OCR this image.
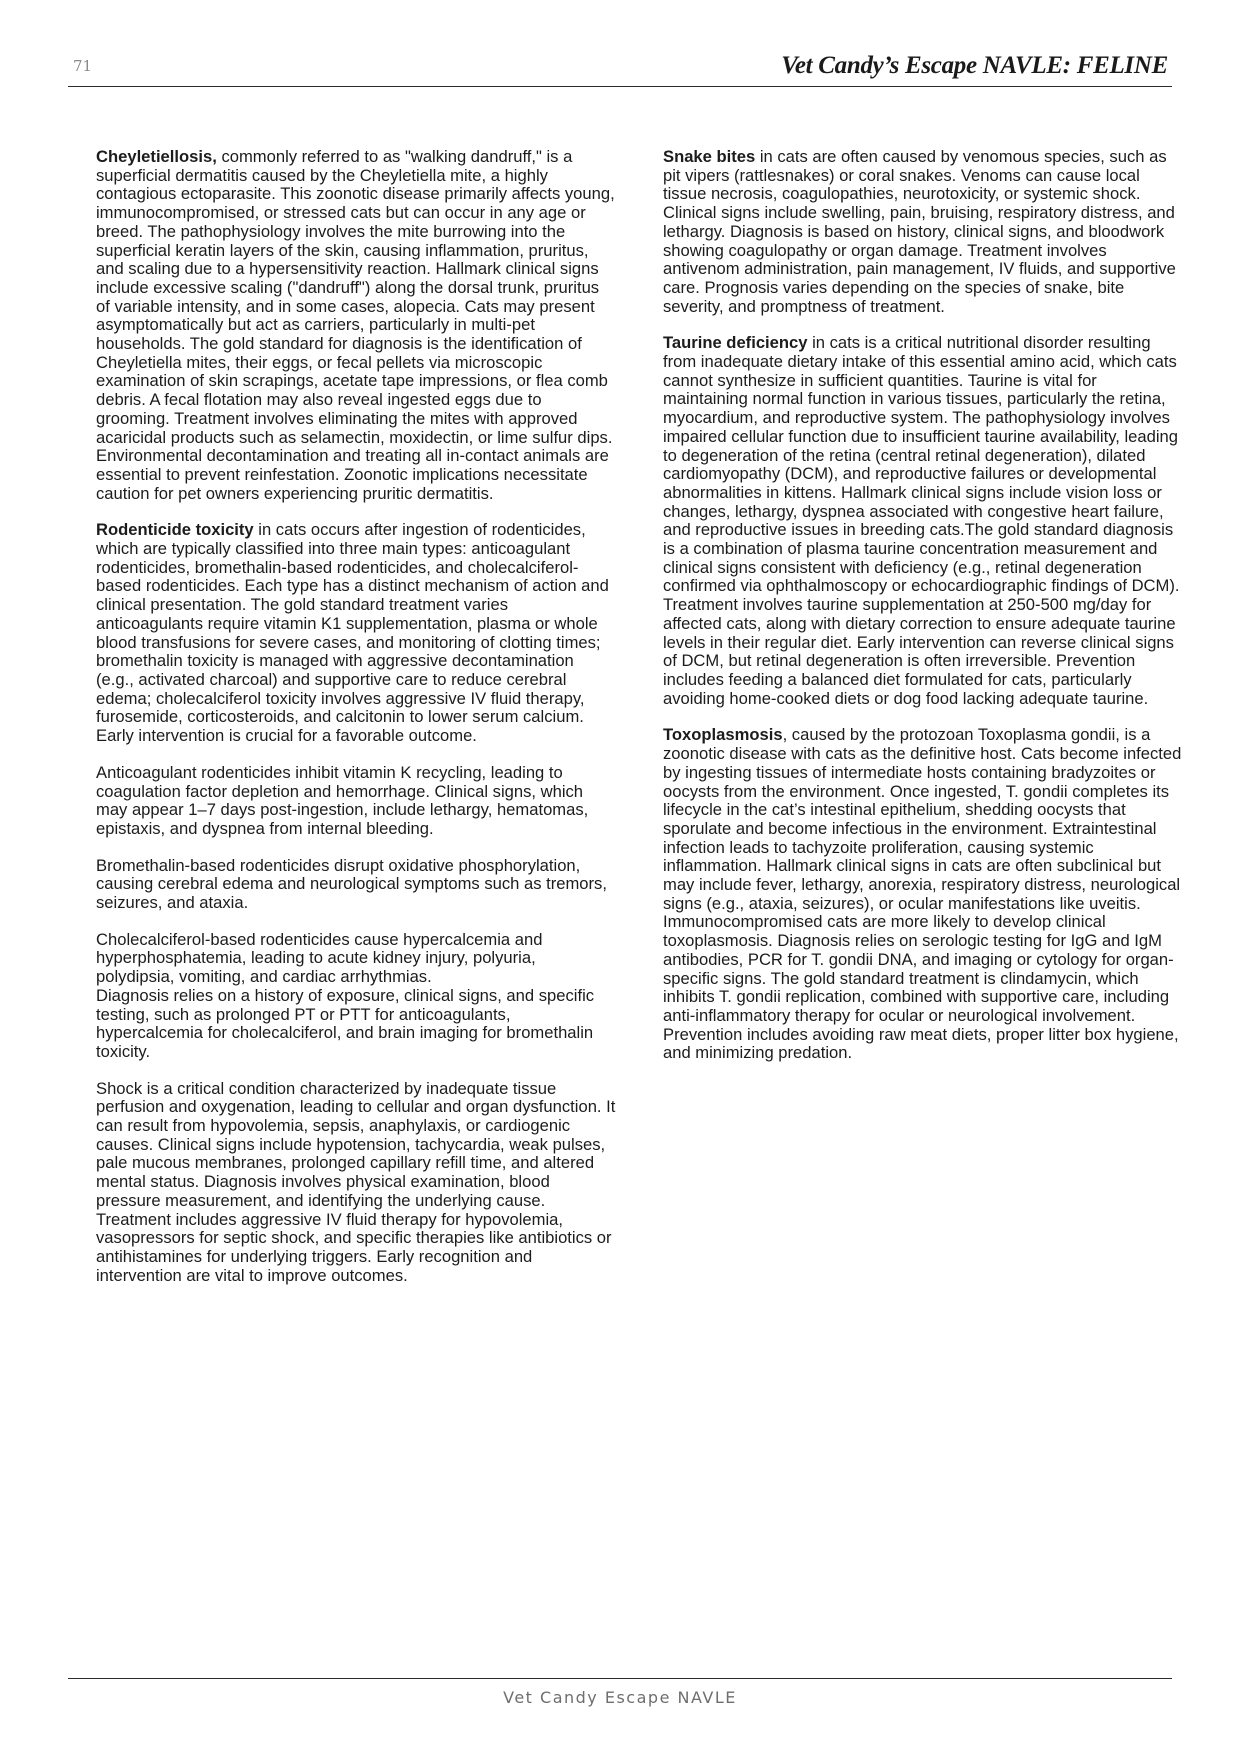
71	Vet Candy’s Escape NAVLE: FELINE

Cheyletiellosis, commonly referred to as "walking dandruff," is a superficial dermatitis caused by the Cheyletiella mite, a highly contagious ectoparasite. This zoonotic disease primarily affects young, immunocompromised, or stressed cats but can occur in any age or breed. The pathophysiology involves the mite burrowing into the superficial keratin layers of the skin, causing inflammation, pruritus, and scaling due to a hypersensitivity reaction. Hallmark clinical signs include excessive scaling ("dandruff") along the dorsal trunk, pruritus of variable intensity, and in some cases, alopecia. Cats may present asymptomatically but act as carriers, particularly in multi-pet households. The gold standard for diagnosis is the identification of Cheyletiella mites, their eggs, or fecal pellets via microscopic examination of skin scrapings, acetate tape impressions, or flea comb debris. A fecal flotation may also reveal ingested eggs due to grooming. Treatment involves eliminating the mites with approved acaricidal products such as selamectin, moxidectin, or lime sulfur dips. Environmental decontamination and treating all in-contact animals are essential to prevent reinfestation. Zoonotic implications necessitate caution for pet owners experiencing pruritic dermatitis.

Rodenticide toxicity in cats occurs after ingestion of rodenticides, which are typically classified into three main types: anticoagulant rodenticides, bromethalin-based rodenticides, and cholecalciferol-based rodenticides. Each type has a distinct mechanism of action and clinical presentation. The gold standard treatment varies anticoagulants require vitamin K1 supplementation, plasma or whole blood transfusions for severe cases, and monitoring of clotting times; bromethalin toxicity is managed with aggressive decontamination (e.g., activated charcoal) and supportive care to reduce cerebral edema; cholecalciferol toxicity involves aggressive IV fluid therapy, furosemide, corticosteroids, and calcitonin to lower serum calcium. Early intervention is crucial for a favorable outcome.

Anticoagulant rodenticides inhibit vitamin K recycling, leading to coagulation factor depletion and hemorrhage. Clinical signs, which may appear 1–7 days post-ingestion, include lethargy, hematomas, epistaxis, and dyspnea from internal bleeding.

Bromethalin-based rodenticides disrupt oxidative phosphorylation, causing cerebral edema and neurological symptoms such as tremors, seizures, and ataxia.

Cholecalciferol-based rodenticides cause hypercalcemia and hyperphosphatemia, leading to acute kidney injury, polyuria, polydipsia, vomiting, and cardiac arrhythmias.
Diagnosis relies on a history of exposure, clinical signs, and specific testing, such as prolonged PT or PTT for anticoagulants, hypercalcemia for cholecalciferol, and brain imaging for bromethalin toxicity.

Shock is a critical condition characterized by inadequate tissue perfusion and oxygenation, leading to cellular and organ dysfunction. It can result from hypovolemia, sepsis, anaphylaxis, or cardiogenic causes. Clinical signs include hypotension, tachycardia, weak pulses, pale mucous membranes, prolonged capillary refill time, and altered mental status. Diagnosis involves physical examination, blood pressure measurement, and identifying the underlying cause. Treatment includes aggressive IV fluid therapy for hypovolemia, vasopressors for septic shock, and specific therapies like antibiotics or antihistamines for underlying triggers. Early recognition and intervention are vital to improve outcomes.

Snake bites in cats are often caused by venomous species, such as pit vipers (rattlesnakes) or coral snakes. Venoms can cause local tissue necrosis, coagulopathies, neurotoxicity, or systemic shock. Clinical signs include swelling, pain, bruising, respiratory distress, and lethargy. Diagnosis is based on history, clinical signs, and bloodwork showing coagulopathy or organ damage. Treatment involves antivenom administration, pain management, IV fluids, and supportive care. Prognosis varies depending on the species of snake, bite severity, and promptness of treatment.

Taurine deficiency in cats is a critical nutritional disorder resulting from inadequate dietary intake of this essential amino acid, which cats cannot synthesize in sufficient quantities. Taurine is vital for maintaining normal function in various tissues, particularly the retina, myocardium, and reproductive system. The pathophysiology involves impaired cellular function due to insufficient taurine availability, leading to degeneration of the retina (central retinal degeneration), dilated cardiomyopathy (DCM), and reproductive failures or developmental abnormalities in kittens. Hallmark clinical signs include vision loss or changes, lethargy, dyspnea associated with congestive heart failure, and reproductive issues in breeding cats.The gold standard diagnosis is a combination of plasma taurine concentration measurement and clinical signs consistent with deficiency (e.g., retinal degeneration confirmed via ophthalmoscopy or echocardiographic findings of DCM). Treatment involves taurine supplementation at 250-500 mg/day for affected cats, along with dietary correction to ensure adequate taurine levels in their regular diet. Early intervention can reverse clinical signs of DCM, but retinal degeneration is often irreversible. Prevention includes feeding a balanced diet formulated for cats, particularly avoiding home-cooked diets or dog food lacking adequate taurine.

Toxoplasmosis, caused by the protozoan Toxoplasma gondii, is a zoonotic disease with cats as the definitive host. Cats become infected by ingesting tissues of intermediate hosts containing bradyzoites or oocysts from the environment. Once ingested, T. gondii completes its lifecycle in the cat’s intestinal epithelium, shedding oocysts that sporulate and become infectious in the environment. Extraintestinal infection leads to tachyzoite proliferation, causing systemic inflammation. Hallmark clinical signs in cats are often subclinical but may include fever, lethargy, anorexia, respiratory distress, neurological signs (e.g., ataxia, seizures), or ocular manifestations like uveitis. Immunocompromised cats are more likely to develop clinical toxoplasmosis. Diagnosis relies on serologic testing for IgG and IgM antibodies, PCR for T. gondii DNA, and imaging or cytology for organ-specific signs. The gold standard treatment is clindamycin, which inhibits T. gondii replication, combined with supportive care, including anti-inflammatory therapy for ocular or neurological involvement. Prevention includes avoiding raw meat diets, proper litter box hygiene, and minimizing predation.

Vet Candy Escape NAVLE
